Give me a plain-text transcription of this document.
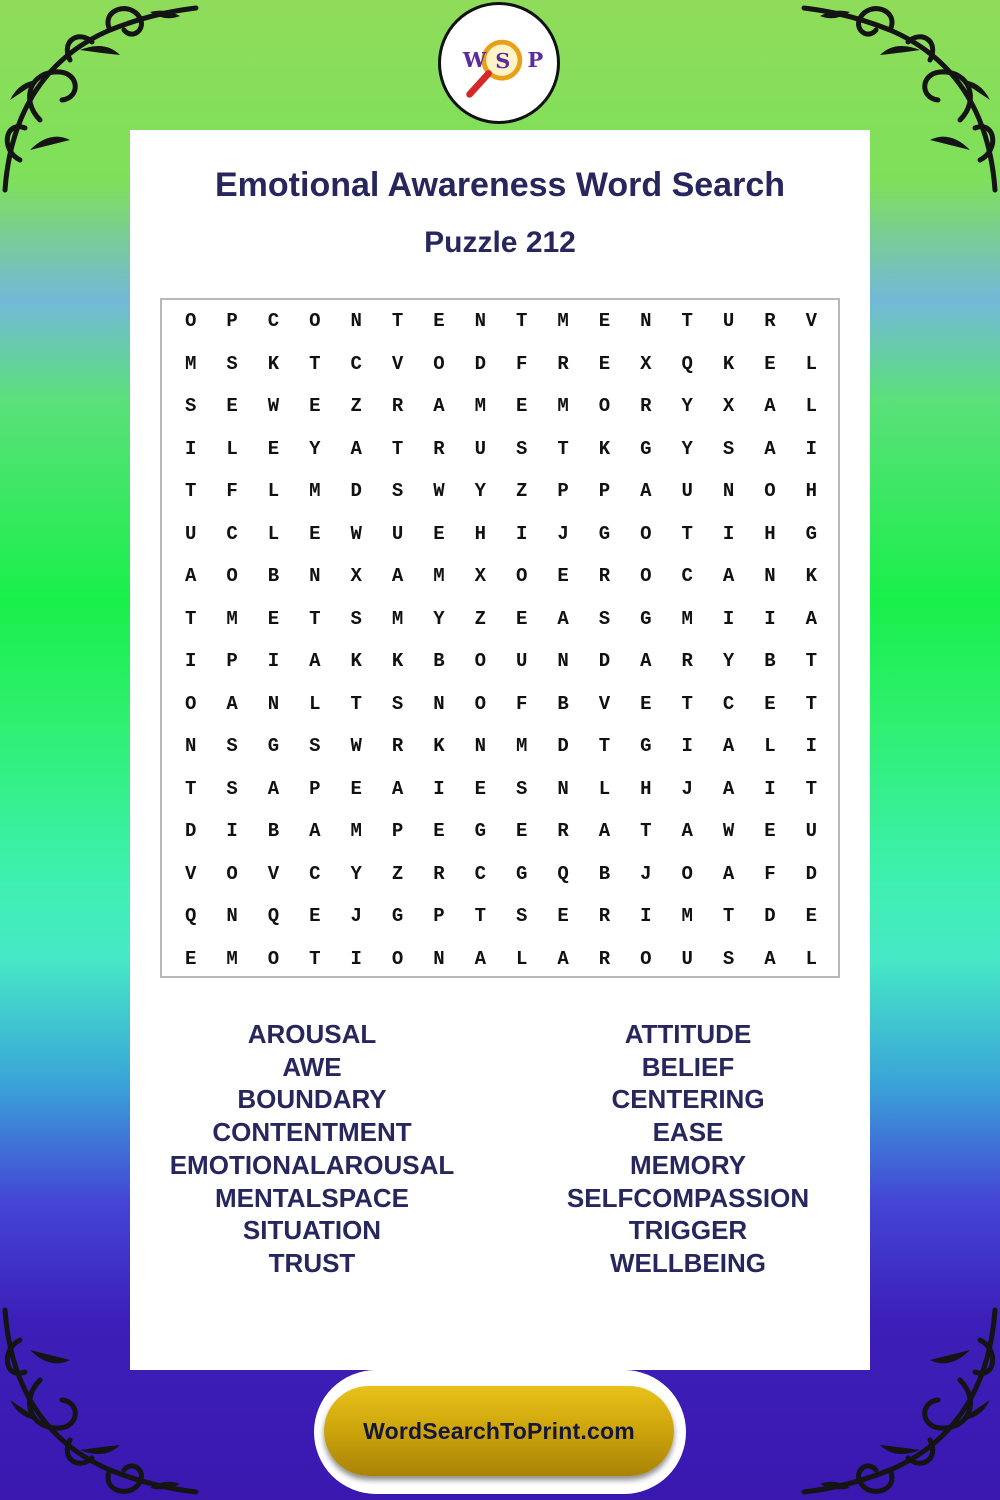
W S P
Emotional Awareness Word Search
Puzzle 212
O	P	C	O	N	T	E	N	T	M	E	N	T	U	R	V
M	S	K	T	C	V	O	D	F	R	E	X	Q	K	E	L
S	E	W	E	Z	R	A	M	E	M	O	R	Y	X	A	L
I	L	E	Y	A	T	R	U	S	T	K	G	Y	S	A	I
T	F	L	M	D	S	W	Y	Z	P	P	A	U	N	O	H
U	C	L	E	W	U	E	H	I	J	G	O	T	I	H	G
A	O	B	N	X	A	M	X	O	E	R	O	C	A	N	K
T	M	E	T	S	M	Y	Z	E	A	S	G	M	I	I	A
I	P	I	A	K	K	B	O	U	N	D	A	R	Y	B	T
O	A	N	L	T	S	N	O	F	B	V	E	T	C	E	T
N	S	G	S	W	R	K	N	M	D	T	G	I	A	L	I
T	S	A	P	E	A	I	E	S	N	L	H	J	A	I	T
D	I	B	A	M	P	E	G	E	R	A	T	A	W	E	U
V	O	V	C	Y	Z	R	C	G	Q	B	J	O	A	F	D
Q	N	Q	E	J	G	P	T	S	E	R	I	M	T	D	E
E	M	O	T	I	O	N	A	L	A	R	O	U	S	A	L
AROUSAL
AWE
BOUNDARY
CONTENTMENT
EMOTIONALAROUSAL
MENTALSPACE
SITUATION
TRUST
ATTITUDE
BELIEF
CENTERING
EASE
MEMORY
SELFCOMPASSION
TRIGGER
WELLBEING
WordSearchToPrint.com
